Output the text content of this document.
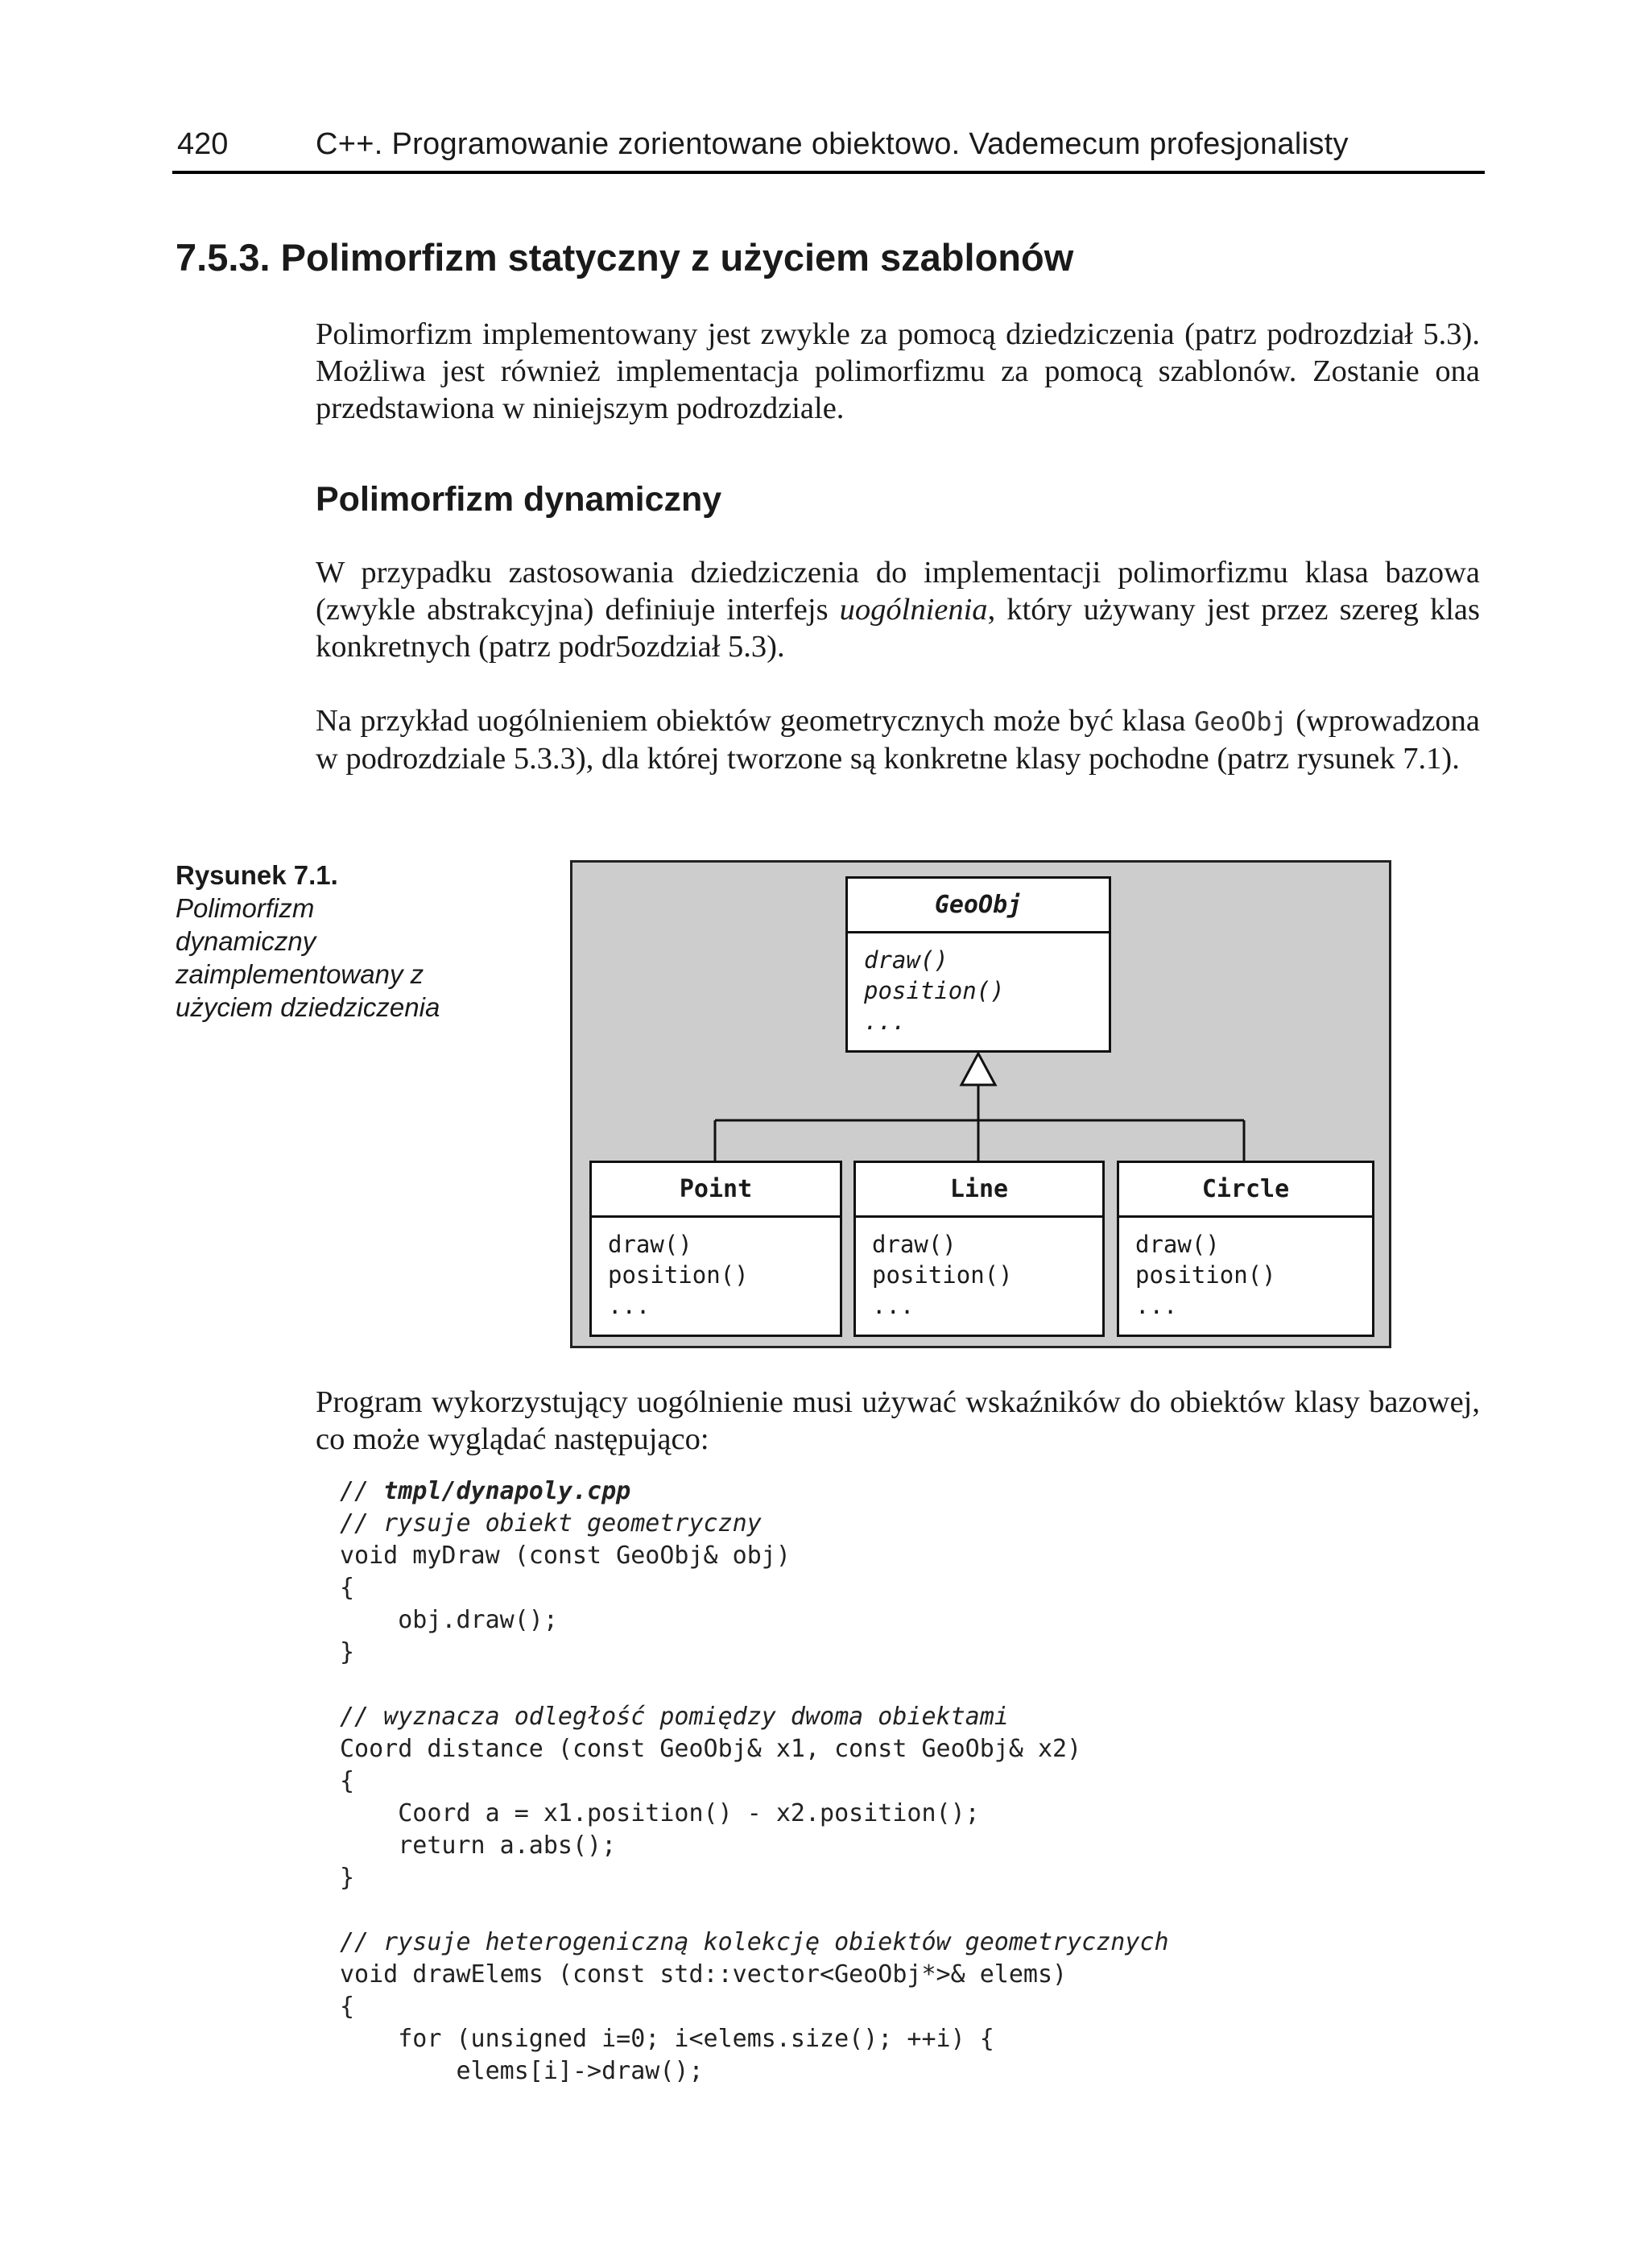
420	C++. Programowanie zorientowane obiektowo. Vademecum profesjonalisty
7.5.3. Polimorfizm statyczny z użyciem szablonów

Polimorfizm implementowany jest zwykle za pomocą dziedziczenia (patrz podrozdział 5.3). Możliwa jest również implementacja polimorfizmu za pomocą szablonów. Zostanie ona przedstawiona w niniejszym podrozdziale.

Polimorfizm dynamiczny

W przypadku zastosowania dziedziczenia do implementacji polimorfizmu klasa bazowa (zwykle abstrakcyjna) definiuje interfejs uogólnienia, który używany jest przez szereg klas konkretnych (patrz podr5ozdział 5.3).

Na przykład uogólnieniem obiektów geometrycznych może być klasa GeoObj (wprowadzona w podrozdziale 5.3.3), dla której tworzone są konkretne klasy pochodne (patrz rysunek 7.1).

Rysunek 7.1.
Polimorfizm dynamiczny zaimplementowany z użyciem dziedziczenia
GeoObj
draw()
position()
...
Point
draw()
position()
...
Line
draw()
position()
...
Circle
draw()
position()
...

Program wykorzystujący uogólnienie musi używać wskaźników do obiektów klasy bazowej, co może wyglądać następująco:

// tmpl/dynapoly.cpp
// rysuje obiekt geometryczny
void myDraw (const GeoObj& obj)
{
obj.draw();
}
// wyznacza odległość pomiędzy dwoma obiektami
Coord distance (const GeoObj& x1, const GeoObj& x2)
{
Coord a = x1.position() - x2.position();
return a.abs();
}
// rysuje heterogeniczną kolekcję obiektów geometrycznych
void drawElems (const std::vector<GeoObj*>& elems)
{
for (unsigned i=0; i<elems.size(); ++i) {
elems[i]->draw();
